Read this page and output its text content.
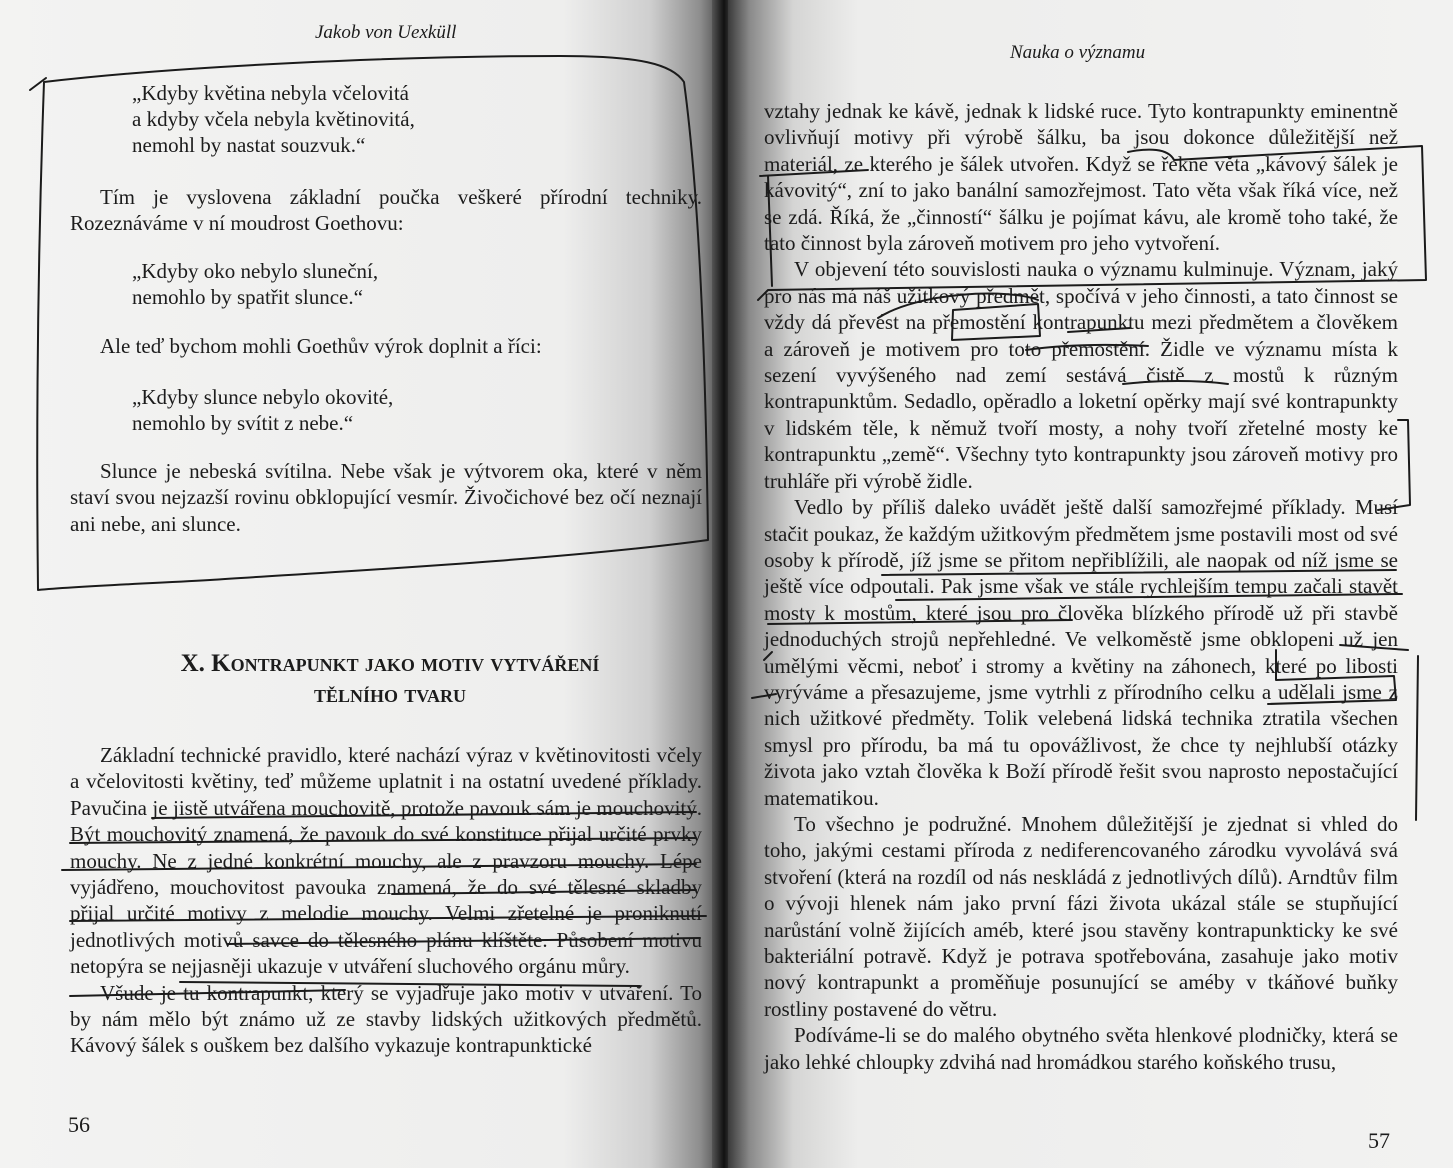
Jakob von Uexküll
„Kdyby květina nebyla včelovitá
a kdyby včela nebyla květinovitá,
nemohl by nastat souzvuk.“
Tím je vyslovena základní poučka veškeré přírodní techniky. Rozeznáváme v ní moudrost Goethovu:
„Kdyby oko nebylo sluneční,
nemohlo by spatřit slunce.“
Ale teď bychom mohli Goethův výrok doplnit a říci:
„Kdyby slunce nebylo okovité,
nemohlo by svítit z nebe.“
Slunce je nebeská svítilna. Nebe však je výtvorem oka, které v něm staví svou nejzazší rovinu obklopující vesmír. Živočichové bez očí neznají ani nebe, ani slunce.
X. Kontrapunkt jako motiv vytváření
tělního tvaru

Základní technické pravidlo, které nachází výraz v květinovitosti včely a včelovitosti květiny, teď můžeme uplatnit i na ostatní uvedené příklady. Pavučina je jistě utvářena mouchovitě, protože pavouk sám je mouchovitý. Být mouchovitý znamená, že pavouk do své konstituce přijal určité prvky mouchy. Ne z jedné konkrétní mouchy, ale z pravzoru mouchy. Lépe vyjádřeno, mouchovitost pavouka znamená, že do své tělesné skladby přijal určité motivy z melodie mouchy. Velmi zřetelné je proniknutí jednotlivých motivů savce do tělesného plánu klíštěte. Působení motivu netopýra se nejjasněji ukazuje v utváření sluchového orgánu můry.

Všude je tu kontrapunkt, který se vyjadřuje jako motiv v utváření. To by nám mělo být známo už ze stavby lidských užitkových předmětů. Kávový šálek s ouškem bez dalšího vykazuje kontrapunktické

56
Nauka o významu

vztahy jednak ke kávě, jednak k lidské ruce. Tyto kontrapunkty eminentně ovlivňují motivy při výrobě šálku, ba jsou dokonce důležitější než materiál, ze kterého je šálek utvořen. Když se řekne věta „kávový šálek je kávovitý“, zní to jako banální samozřejmost. Tato věta však říká více, než se zdá. Říká, že „činností“ šálku je pojímat kávu, ale kromě toho také, že tato činnost byla zároveň motivem pro jeho vytvoření.

V objevení této souvislosti nauka o významu kulminuje. Význam, jaký pro nás má náš užitkový předmět, spočívá v jeho činnosti, a tato činnost se vždy dá převést na přemostění kontrapunktu mezi předmětem a člověkem a zároveň je motivem pro toto přemostění. Židle ve významu místa k sezení vyvýšeného nad zemí sestává čistě z mostů k různým kontrapunktům. Sedadlo, opěradlo a loketní opěrky mají své kontrapunkty v lidském těle, k němuž tvoří mosty, a nohy tvoří zřetelné mosty ke kontrapunktu „země“. Všechny tyto kontrapunkty jsou zároveň motivy pro truhláře při výrobě židle.

Vedlo by příliš daleko uvádět ještě další samozřejmé příklady. Musí stačit poukaz, že každým užitkovým předmětem jsme postavili most od své osoby k přírodě, jíž jsme se přitom nepřiblížili, ale naopak od níž jsme se ještě více odpoutali. Pak jsme však ve stále rychlejším tempu začali stavět mosty k mostům, které jsou pro člověka blízkého přírodě už při stavbě jednoduchých strojů nepřehledné. Ve velkoměstě jsme obklopeni už jen umělými věcmi, neboť i stromy a květiny na záhonech, které po libosti vyrýváme a přesazujeme, jsme vytrhli z přírodního celku a udělali jsme z nich užitkové předměty. Tolik velebená lidská technika ztratila všechen smysl pro přírodu, ba má tu opovážlivost, že chce ty nejhlubší otázky života jako vztah člověka k Boží přírodě řešit svou naprosto nepostačující matematikou.

To všechno je podružné. Mnohem důležitější je zjednat si vhled do toho, jakými cestami příroda z nediferencovaného zárodku vyvolává svá stvoření (která na rozdíl od nás neskládá z jednotlivých dílů). Arndtův film o vývoji hlenek nám jako první fázi života ukázal stále se stupňující narůstání volně žijících améb, které jsou stavěny kontrapunkticky ke své bakteriální potravě. Když je potrava spotřebována, zasahuje jako motiv nový kontrapunkt a proměňuje posunující se améby v tkáňové buňky rostliny postavené do větru.

Podíváme-li se do malého obytného světa hlenkové plodničky, která se jako lehké chloupky zdvihá nad hromádkou starého koňského trusu,

57
